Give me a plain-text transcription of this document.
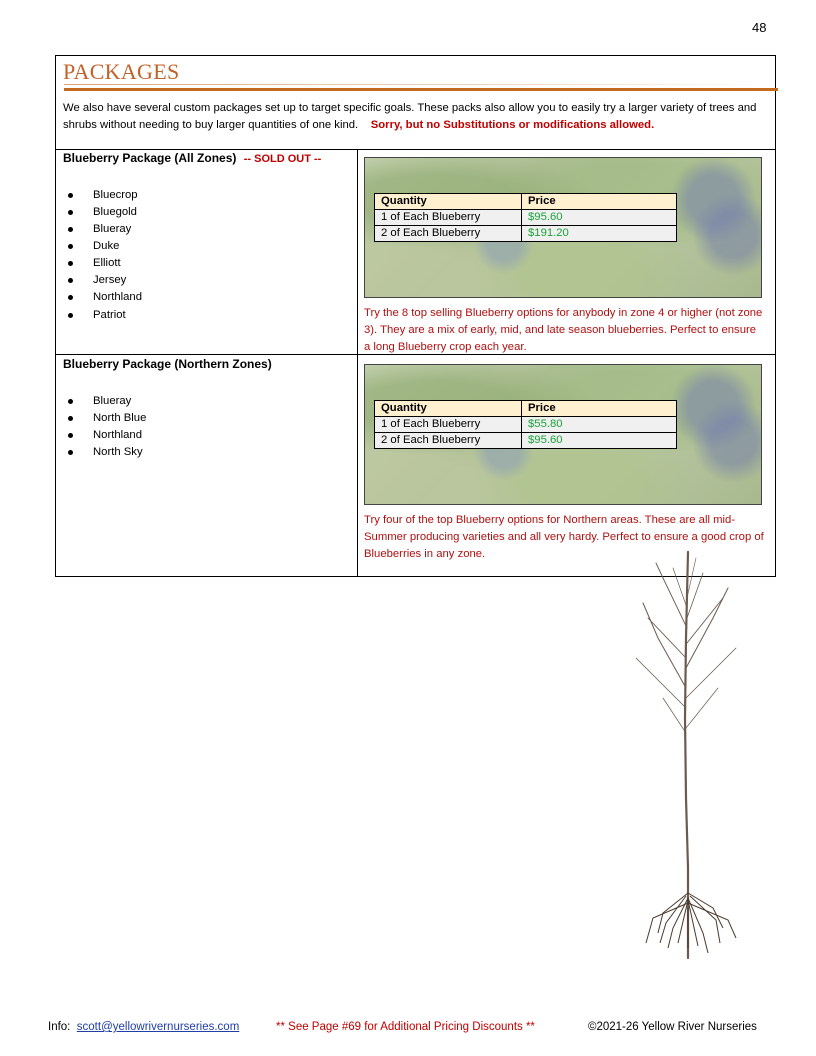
48
PACKAGES
We also have several custom packages set up to target specific goals. These packs also allow you to easily try a larger variety of trees and shrubs without needing to buy larger quantities of one kind. Sorry, but no Substitutions or modifications allowed.
Blueberry Package (All Zones) -- SOLD OUT --
Bluecrop
Bluegold
Blueray
Duke
Elliott
Jersey
Northland
Patriot
Quantity	Price
1 of Each Blueberry	$95.60
2 of Each Blueberry	$191.20
Try the 8 top selling Blueberry options for anybody in zone 4 or higher (not zone 3). They are a mix of early, mid, and late season blueberries. Perfect to ensure a long Blueberry crop each year.
Blueberry Package (Northern Zones)
Blueray
North Blue
Northland
North Sky
Quantity	Price
1 of Each Blueberry	$55.80
2 of Each Blueberry	$95.60
Try four of the top Blueberry options for Northern areas. These are all mid-Summer producing varieties and all very hardy. Perfect to ensure a good crop of Blueberries in any zone.
Info: scott@yellowrivernurseries.com	** See Page #69 for Additional Pricing Discounts **	©2021-26 Yellow River Nurseries
